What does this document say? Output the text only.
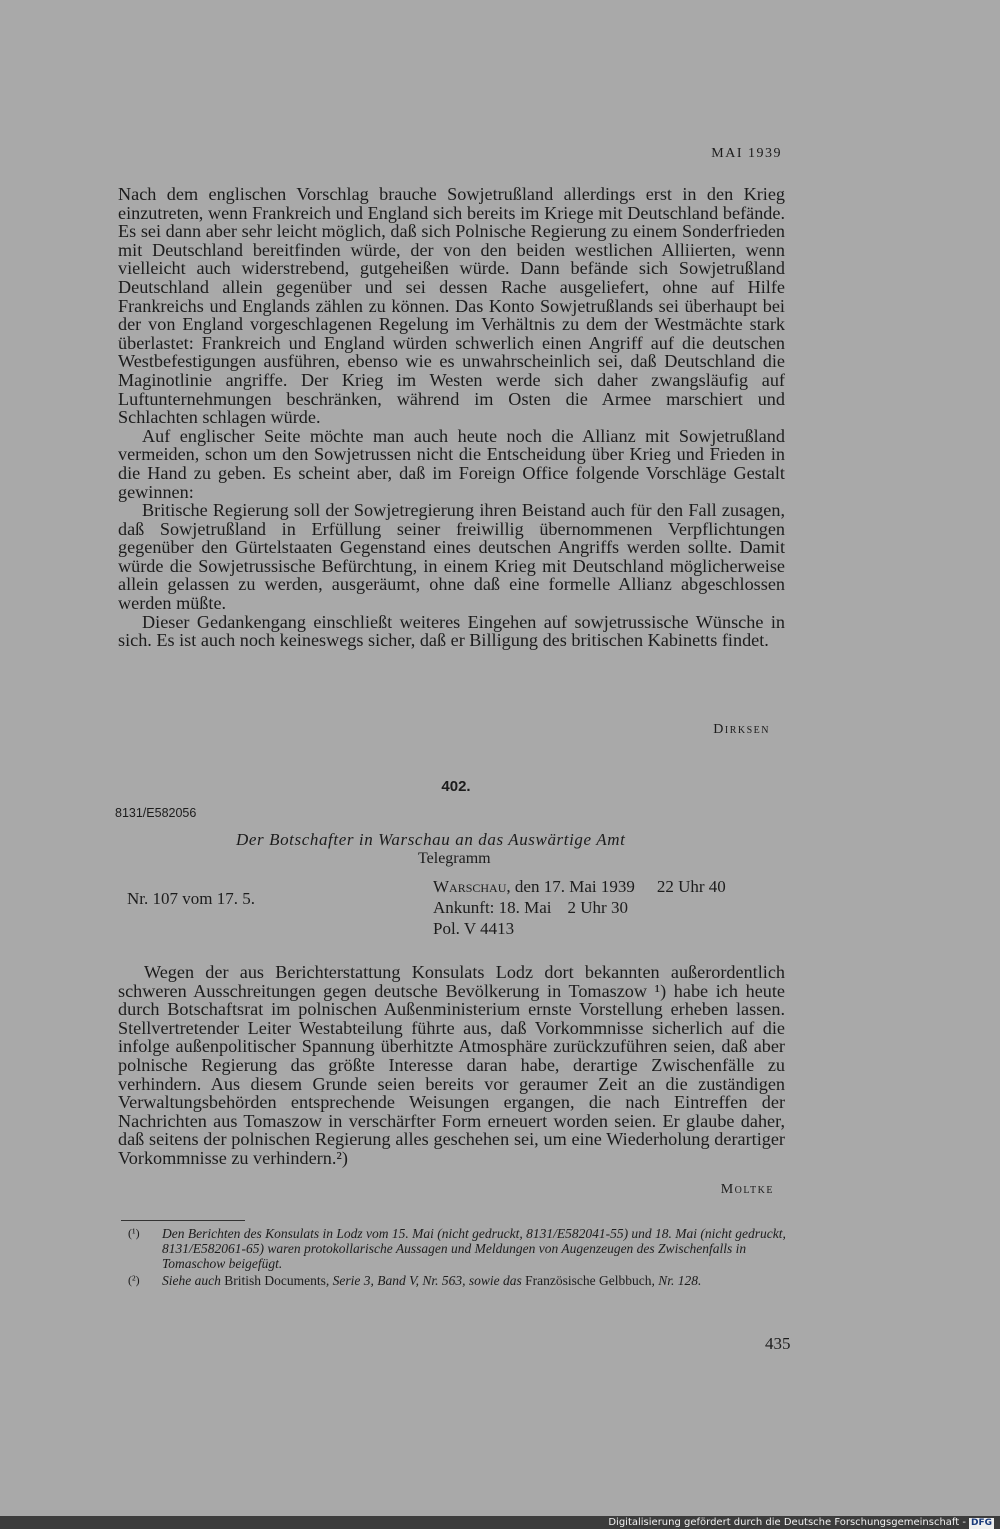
MAI 1939

Nach dem englischen Vorschlag brauche Sowjetrußland allerdings erst in den Krieg einzutreten, wenn Frankreich und England sich bereits im Kriege mit Deutschland befände. Es sei dann aber sehr leicht möglich, daß sich Polnische Regierung zu einem Sonderfrieden mit Deutschland bereitfinden würde, der von den beiden westlichen Alliierten, wenn vielleicht auch widerstrebend, gutgeheißen würde. Dann befände sich Sowjetrußland Deutschland allein gegenüber und sei dessen Rache ausgeliefert, ohne auf Hilfe Frankreichs und Englands zählen zu können. Das Konto Sowjetrußlands sei überhaupt bei der von England vorgeschlagenen Regelung im Verhältnis zu dem der Westmächte stark überlastet: Frankreich und England würden schwerlich einen Angriff auf die deutschen Westbefestigungen ausführen, ebenso wie es unwahrscheinlich sei, daß Deutschland die Maginotlinie angriffe. Der Krieg im Westen werde sich daher zwangsläufig auf Luftunternehmungen beschränken, während im Osten die Armee marschiert und Schlachten schlagen würde.

Auf englischer Seite möchte man auch heute noch die Allianz mit Sowjetrußland vermeiden, schon um den Sowjetrussen nicht die Entscheidung über Krieg und Frieden in die Hand zu geben. Es scheint aber, daß im Foreign Office folgende Vorschläge Gestalt gewinnen:

Britische Regierung soll der Sowjetregierung ihren Beistand auch für den Fall zusagen, daß Sowjetrußland in Erfüllung seiner freiwillig übernommenen Verpflichtungen gegenüber den Gürtelstaaten Gegenstand eines deutschen Angriffs werden sollte. Damit würde die Sowjetrussische Befürchtung, in einem Krieg mit Deutschland möglicherweise allein gelassen zu werden, ausgeräumt, ohne daß eine formelle Allianz abgeschlossen werden müßte.

Dieser Gedankengang einschließt weiteres Eingehen auf sowjetrussische Wünsche in sich. Es ist auch noch keineswegs sicher, daß er Billigung des britischen Kabinetts findet.

Dirksen
402.
8131/E582056
Der Botschafter in Warschau an das Auswärtige Amt
Telegramm
Nr. 107 vom 17. 5.
Warschau, den 17. Mai 1939 22 Uhr 40
Ankunft: 18. Mai 2 Uhr 30
Pol. V 4413

Wegen der aus Berichterstattung Konsulats Lodz dort bekannten außerordentlich schweren Ausschreitungen gegen deutsche Bevölkerung in Tomaszow ¹) habe ich heute durch Botschaftsrat im polnischen Außenministerium ernste Vorstellung erheben lassen. Stellvertretender Leiter Westabteilung führte aus, daß Vorkommnisse sicherlich auf die infolge außenpolitischer Spannung überhitzte Atmosphäre zurückzuführen seien, daß aber polnische Regierung das größte Interesse daran habe, derartige Zwischenfälle zu verhindern. Aus diesem Grunde seien bereits vor geraumer Zeit an die zuständigen Verwaltungsbehörden entsprechende Weisungen ergangen, die nach Eintreffen der Nachrichten aus Tomaszow in verschärfter Form erneuert worden seien. Er glaube daher, daß seitens der polnischen Regierung alles geschehen sei, um eine Wiederholung derartiger Vorkommnisse zu verhindern.²)

Moltke
(¹)	Den Berichten des Konsulats in Lodz vom 15. Mai (nicht gedruckt, 8131/E582041-55) und 18. Mai (nicht gedruckt, 8131/E582061-65) waren protokollarische Aussagen und Meldungen von Augenzeugen des Zwischenfalls in Tomaschow beigefügt.
(²)	Siehe auch British Documents, Serie 3, Band V, Nr. 563, sowie das Französische Gelbbuch, Nr. 128.
435
Digitalisierung gefördert durch die Deutsche Forschungsgemeinschaft - DFG
